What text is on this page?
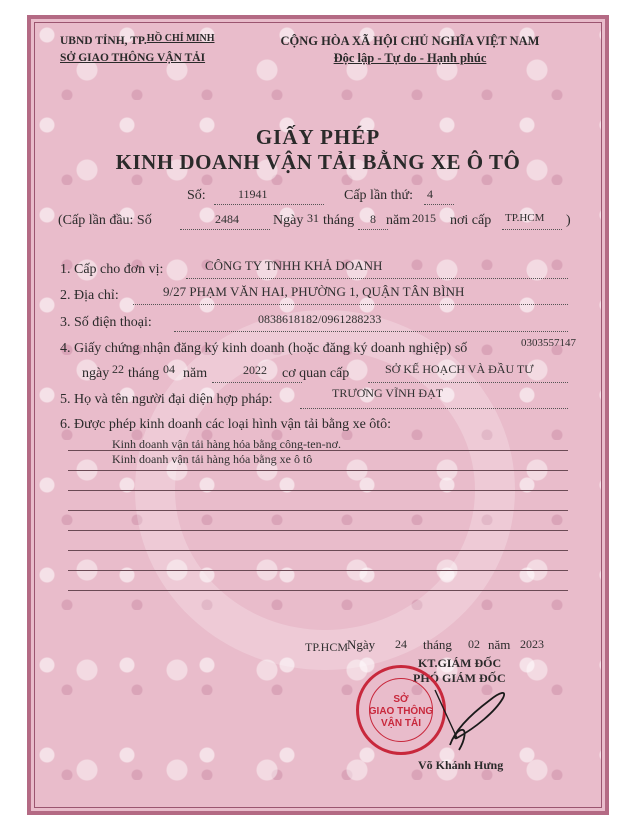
UBND TỈNH, TP.HỒ CHÍ MINH
SỞ GIAO THÔNG VẬN TẢI
CỘNG HÒA XÃ HỘI CHỦ NGHĨA VIỆT NAM
Độc lập - Tự do - Hạnh phúc
GIẤY PHÉP
KINH DOANH VẬN TẢI BẰNG XE Ô TÔ
Số:	11941	Cấp lần thứ: 4
(Cấp lần đầu: Số	2484 Ngày 31 tháng 8 năm 2015 nơi cấp TP.HCM )
1. Cấp cho đơn vị:	CÔNG TY TNHH KHẢ DOANH
2. Địa chỉ:	9/27 PHẠM VĂN HAI, PHƯỜNG 1, QUẬN TÂN BÌNH
3. Số điện thoại:	0838618182/0961288233
4. Giấy chứng nhận đăng ký kinh doanh (hoặc đăng ký doanh nghiệp) số	0303557147
ngày 22 tháng 04 năm	2022 cơ quan cấp	SỞ KẾ HOẠCH VÀ ĐẦU TƯ
5. Họ và tên người đại diện hợp pháp:	TRƯƠNG VĨNH ĐẠT
6. Được phép kinh doanh các loại hình vận tải bằng xe ôtô:
Kinh doanh vận tải hàng hóa bằng công-ten-nơ.
Kinh doanh vận tải hàng hóa bằng xe ô tô
TP.HCM
Ngày 24 tháng 02 năm 2023
KT.GIÁM ĐỐC
PHÓ GIÁM ĐỐC
SỞ
GIAO THÔNG
VẬN TẢI
Võ Khánh Hưng
